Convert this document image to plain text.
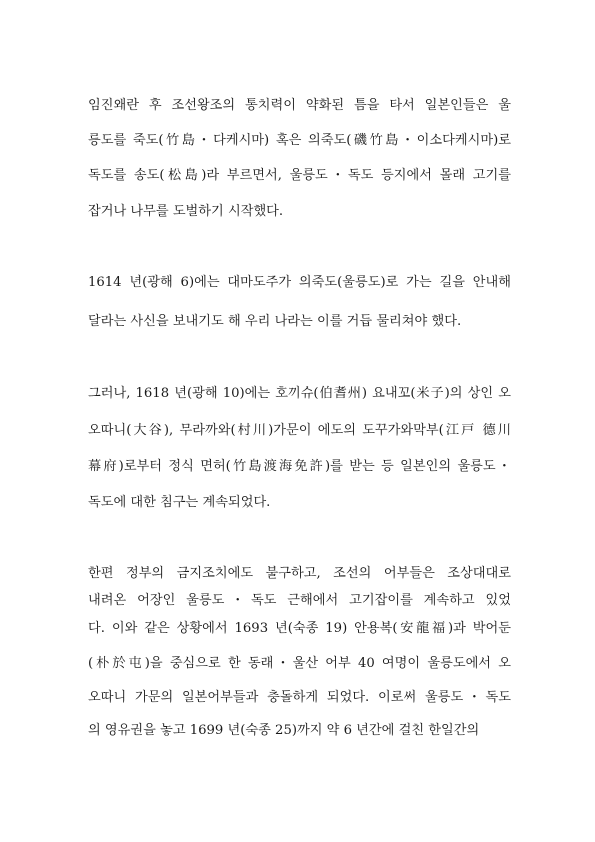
임진왜란 후 조선왕조의 통치력이 약화된 틈을 타서 일본인들은 울
릉도를 죽도(竹島・다케시마) 혹은 의죽도(磯竹島・이소다케시마)로
독도를 송도(松島)라 부르면서, 울릉도・독도 등지에서 몰래 고기를
잡거나 나무를 도벌하기 시작했다.
1614 년(광해 6)에는 대마도주가 의죽도(울릉도)로 가는 길을 안내해
달라는 사신을 보내기도 해 우리 나라는 이를 거듭 물리쳐야 했다.
그러나, 1618 년(광해 10)에는 호끼슈(伯耆州) 요내꼬(米子)의 상인 오
오따니(大谷), 무라까와(村川)가문이 에도의 도꾸가와막부(江戸 德川
幕府)로부터 정식 면허(竹島渡海免許)를 받는 등 일본인의 울릉도・
독도에 대한 침구는 계속되었다.
한편 정부의 금지조치에도 불구하고, 조선의 어부들은 조상대대로
내려온 어장인 울릉도・독도 근해에서 고기잡이를 계속하고 있었
다. 이와 같은 상황에서 1693 년(숙종 19) 안용복(安龍福)과 박어둔
(朴於屯)을 중심으로 한 동래・울산 어부 40 여명이 울릉도에서 오
오따니 가문의 일본어부들과 충돌하게 되었다. 이로써 울릉도・독도
의 영유권을 놓고 1699 년(숙종 25)까지 약 6 년간에 걸친 한일간의
